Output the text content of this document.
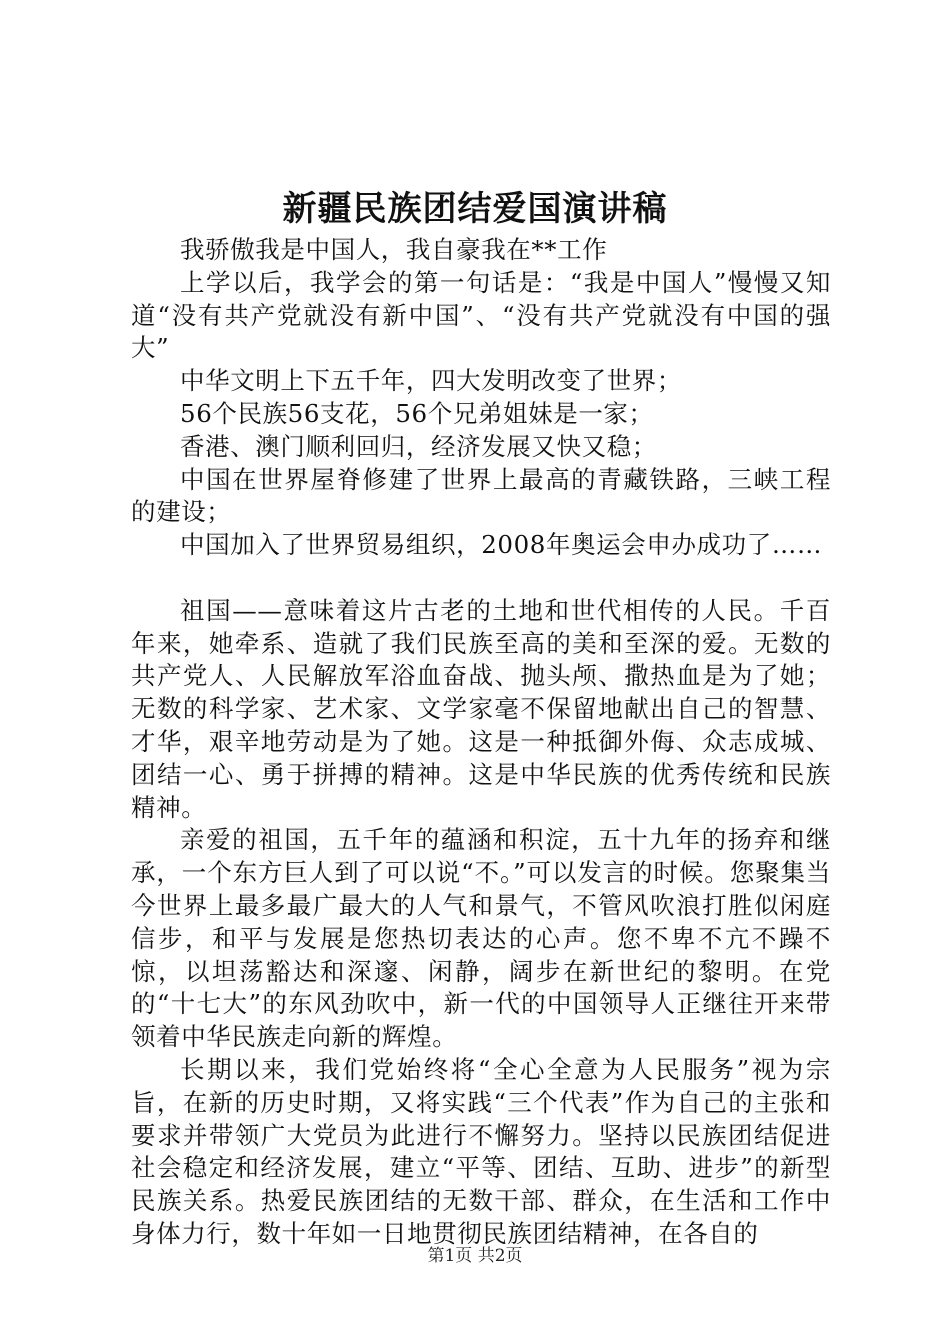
新疆民族团结爱国演讲稿

我骄傲我是中国人，我自豪我在**工作

上学以后，我学会的第一句话是：“我是中国人”慢慢又知道“没有共产党就没有新中国”、“没有共产党就没有中国的强大”

中华文明上下五千年，四大发明改变了世界；

56个民族56支花，56个兄弟姐妹是一家；

香港、澳门顺利回归，经济发展又快又稳；

中国在世界屋脊修建了世界上最高的青藏铁路，三峡工程的建设；

中国加入了世界贸易组织，2008年奥运会申办成功了……

祖国——意味着这片古老的土地和世代相传的人民。千百年来，她牵系、造就了我们民族至高的美和至深的爱。无数的共产党人、人民解放军浴血奋战、抛头颅、撒热血是为了她；无数的科学家、艺术家、文学家毫不保留地献出自己的智慧、才华，艰辛地劳动是为了她。这是一种抵御外侮、众志成城、团结一心、勇于拼搏的精神。这是中华民族的优秀传统和民族精神。

亲爱的祖国，五千年的蕴涵和积淀，五十九年的扬弃和继承，一个东方巨人到了可以说“不。”可以发言的时候。您聚集当今世界上最多最广最大的人气和景气，不管风吹浪打胜似闲庭信步，和平与发展是您热切表达的心声。您不卑不亢不躁不惊，以坦荡豁达和深邃、闲静，阔步在新世纪的黎明。在党的“十七大”的东风劲吹中，新一代的中国领导人正继往开来带领着中华民族走向新的辉煌。

长期以来，我们党始终将“全心全意为人民服务”视为宗旨，在新的历史时期，又将实践“三个代表”作为自己的主张和要求并带领广大党员为此进行不懈努力。坚持以民族团结促进社会稳定和经济发展，建立“平等、团结、互助、进步”的新型民族关系。热爱民族团结的无数干部、群众，在生活和工作中身体力行，数十年如一日地贯彻民族团结精神，在各自的

第1页 共2页
